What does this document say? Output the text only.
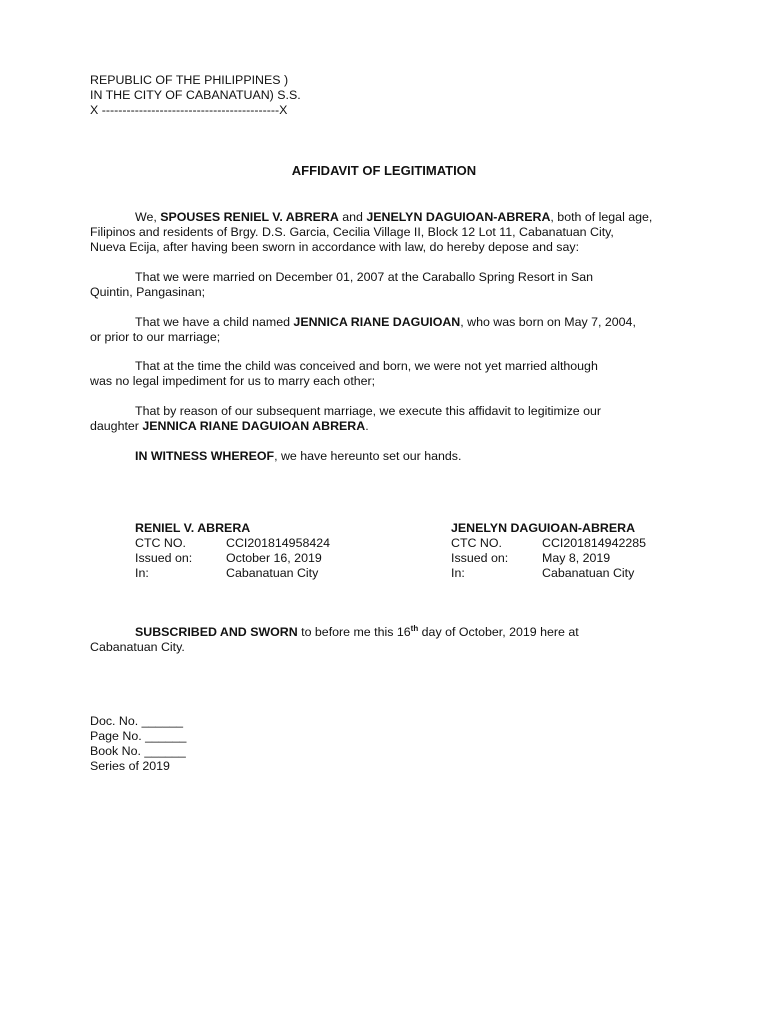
REPUBLIC OF THE PHILIPPINES )
IN THE CITY OF CABANATUAN) S.S.
X -------------------------------------------X
AFFIDAVIT OF LEGITIMATION
We, SPOUSES RENIEL V. ABRERA and JENELYN DAGUIOAN-ABRERA, both of legal age,
Filipinos and residents of Brgy. D.S. Garcia, Cecilia Village II, Block 12 Lot 11, Cabanatuan City,
Nueva Ecija, after having been sworn in accordance with law, do hereby depose and say:
That we were married on December 01, 2007 at the Caraballo Spring Resort in San
Quintin, Pangasinan;
That we have a child named JENNICA RIANE DAGUIOAN, who was born on May 7, 2004,
or prior to our marriage;
That at the time the child was conceived and born, we were not yet married although
was no legal impediment for us to marry each other;
That by reason of our subsequent marriage, we execute this affidavit to legitimize our
daughter JENNICA RIANE DAGUIOAN ABRERA.
IN WITNESS WHEREOF, we have hereunto set our hands.
RENIEL V. ABRERA
CTC NO.	CCI201814958424
Issued on:	October 16, 2019
In:	Cabanatuan City
JENELYN DAGUIOAN-ABRERA
CTC NO.	CCI201814942285
Issued on:	May 8, 2019
In:	Cabanatuan City
SUBSCRIBED AND SWORN to before me this 16th day of October, 2019 here at
Cabanatuan City.
Doc. No. ______
Page No. ______
Book No. ______
Series of 2019
